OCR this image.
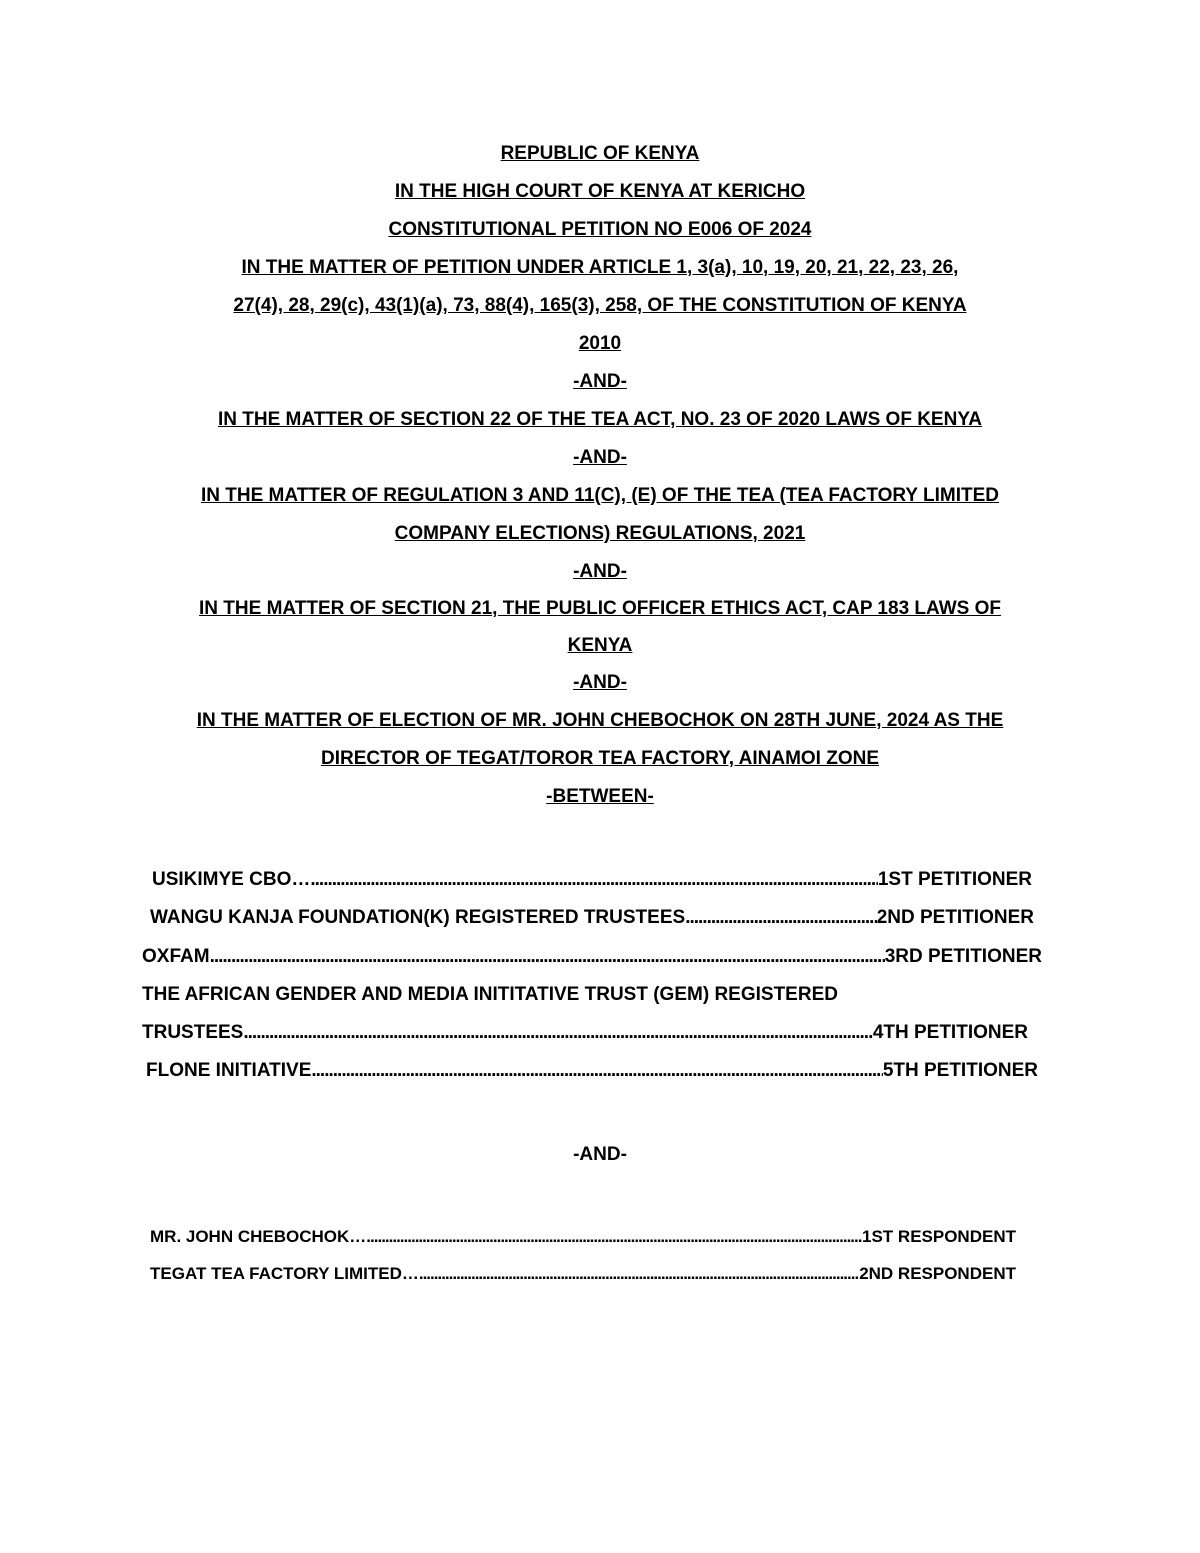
REPUBLIC OF KENYA
IN THE HIGH COURT OF KENYA AT KERICHO
CONSTITUTIONAL PETITION NO E006 OF 2024
IN THE MATTER OF PETITION UNDER ARTICLE 1, 3(a), 10, 19, 20, 21, 22, 23, 26,
27(4), 28, 29(c), 43(1)(a), 73, 88(4), 165(3), 258, OF THE CONSTITUTION OF KENYA
2010
-AND-
IN THE MATTER OF SECTION 22 OF THE TEA ACT, NO. 23 OF 2020 LAWS OF KENYA
-AND-
IN THE MATTER OF REGULATION 3 AND 11(C), (E) OF THE TEA (TEA FACTORY LIMITED
COMPANY ELECTIONS) REGULATIONS, 2021
-AND-
IN THE MATTER OF SECTION 21, THE PUBLIC OFFICER ETHICS ACT, CAP 183 LAWS OF
KENYA
-AND-
IN THE MATTER OF ELECTION OF MR. JOHN CHEBOCHOK ON 28TH JUNE, 2024 AS THE
DIRECTOR OF TEGAT/TOROR TEA FACTORY, AINAMOI ZONE
-BETWEEN-
USIKIMYE CBO… .....	1ST PETITIONER
WANGU KANJA FOUNDATION(K) REGISTERED TRUSTEES .....	2ND PETITIONER
OXFAM .....	3RD PETITIONER
THE AFRICAN GENDER AND MEDIA INITITATIVE TRUST (GEM) REGISTERED
TRUSTEES .....	4TH PETITIONER
FLONE INITIATIVE .....	5TH PETITIONER
-AND-
MR. JOHN CHEBOCHOK… .....	1ST RESPONDENT
TEGAT TEA FACTORY LIMITED… .....	2ND RESPONDENT
